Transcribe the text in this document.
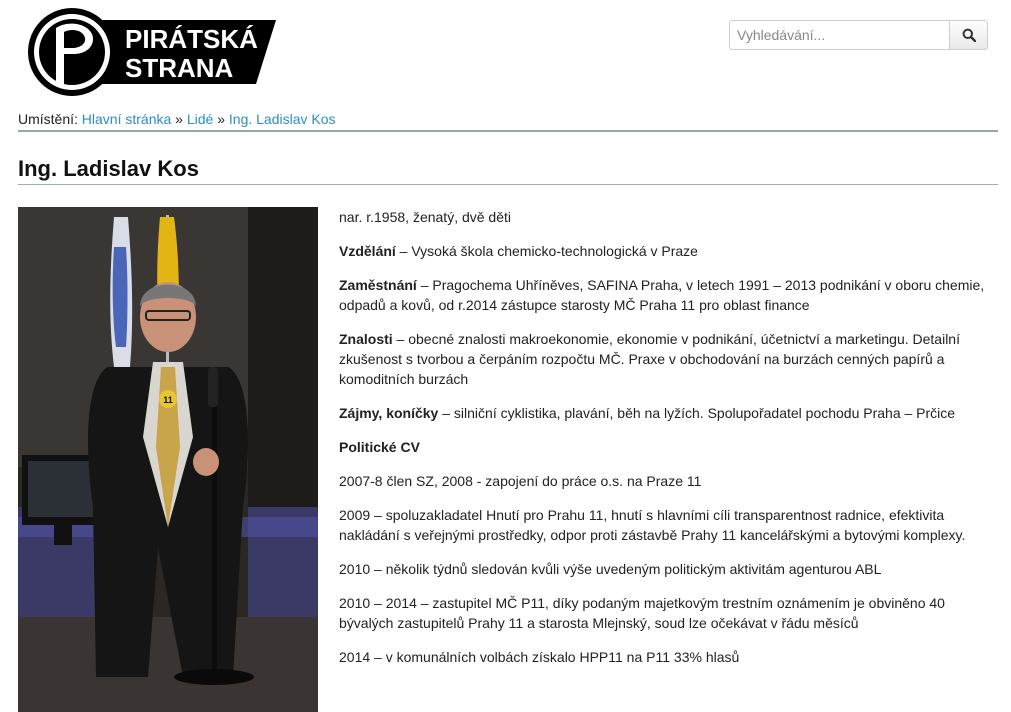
PIRÁTSKÁ
STRANA
Vyhledávání...
Umístění: Hlavní stránka » Lidé » Ing. Ladislav Kos
Ing. Ladislav Kos
11

nar. r.1958, ženatý, dvě děti

Vzdělání – Vysoká škola chemicko-technologická v Praze

Zaměstnání – Pragochema Uhříněves, SAFINA Praha, v letech 1991 – 2013 podnikání v oboru chemie, odpadů a kovů, od r.2014 zástupce starosty MČ Praha 11 pro oblast finance

Znalosti – obecné znalosti makroekonomie, ekonomie v podnikání, účetnictví a marketingu. Detailní zkušenost s tvorbou a čerpáním rozpočtu MČ. Praxe v obchodování na burzách cenných papírů a komoditních burzách

Zájmy, koníčky – silniční cyklistika, plavání, běh na lyžích. Spolupořadatel pochodu Praha – Prčice

Politické CV

2007-8 člen SZ, 2008 - zapojení do práce o.s. na Praze 11

2009 – spoluzakladatel Hnutí pro Prahu 11, hnutí s hlavními cíli transparentnost radnice, efektivita nakládání s veřejnými prostředky, odpor proti zástavbě Prahy 11 kancelářskými a bytovými komplexy.

2010 – několik týdnů sledován kvůli výše uvedeným politickým aktivitám agenturou ABL

2010 – 2014 – zastupitel MČ P11, díky podaným majetkovým trestním oznámením je obviněno 40 bývalých zastupitelů Prahy 11 a starosta Mlejnský, soud lze očekávat v řádu měsíců

2014 – v komunálních volbách získalo HPP11 na P11 33% hlasů
